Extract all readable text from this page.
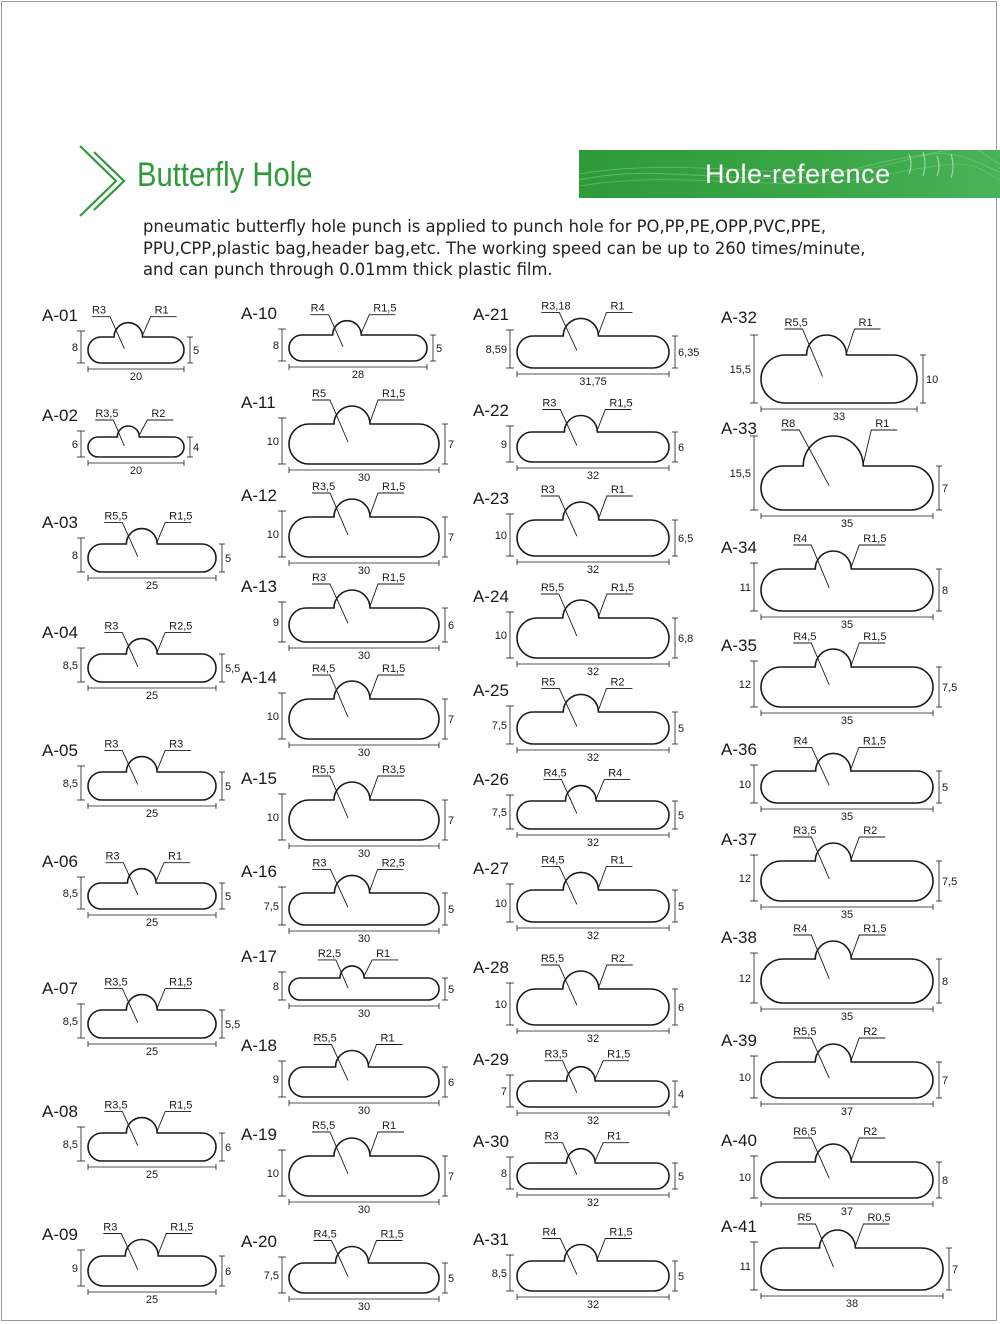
Butterfly Hole	Hole-reference
pneumatic butterfly hole punch is applied to punch hole for PO,PP,PE,OPP,PVC,PPE,
PPU,CPP,plastic bag,header bag,etc. The working speed can be up to 260 times/minute,
and can punch through 0.01mm thick plastic film.
A-01 R3	R1
8	5
20
A-02 R3,5	R2
6	4
20
A-03 R5,5	R1,5
8	5
25
A-04 R3	R2,5
8,5	5,5
25
A-05 R3	R3
8,5	5
25
A-06	R3	R1
8,5	5
25
A-07 R3,5	R1,5
8,5	5,5
25
A-08 R3,5	R1,5
8,5	6
25
A-09 R3	R1,5
9	6
25
A-10	R4	R1,5
8	5
28
A-11	R5	R1,5
10	7
30
A-12	R3,5	R1,5
10	7
30
A-13	R3	R1,5
9	6
30
A-14	R4,5	R1,5
10	7
30
A-15	R5,5	R3,5
10	7
30
A-16	R3	R2,5
7,5	5
30
A-17	R2,5	R1
8	5
30
A-18	R5,5	R1
9	6
30
A-19	R5,5	R1
10	7
30
A-20	R4,5	R1,5
7,5	5
30
A-21	R3,18	R1
8,59	6,35
31,75
A-22	R3	R1,5
9	6
32
A-23	R3	R1
10	6,5
32
A-24	R5,5	R1,5
10	6,8
32
A-25	R5	R2
7,5	5
32
A-26	R4,5	R4
7,5	5
32
A-27	R4,5	R1
10	5
32
A-28	R5,5	R2
10	6
32
A-29	R3,5	R1,5
7	4
32
A-30	R3	R1
8	5
32
A-31	R4	R1,5
8,5	5
32
A-32	R5,5	R1
15,5
10
33
A-33 R8	R1
15,5
7
35
A-34	R4	R1,5
11	8
35
A-35	R4,5	R1,5
12	7,5
35
A-36	R4	R1,5
10	5
35
A-37	R3,5	R2
12	7,5
35
A-38	R4	R1,5
12	8
35
A-39	R5,5	R2
10	7
37
A-40	R6,5	R2
10	8
37
A-41	R5	R0,5
11	7
38
